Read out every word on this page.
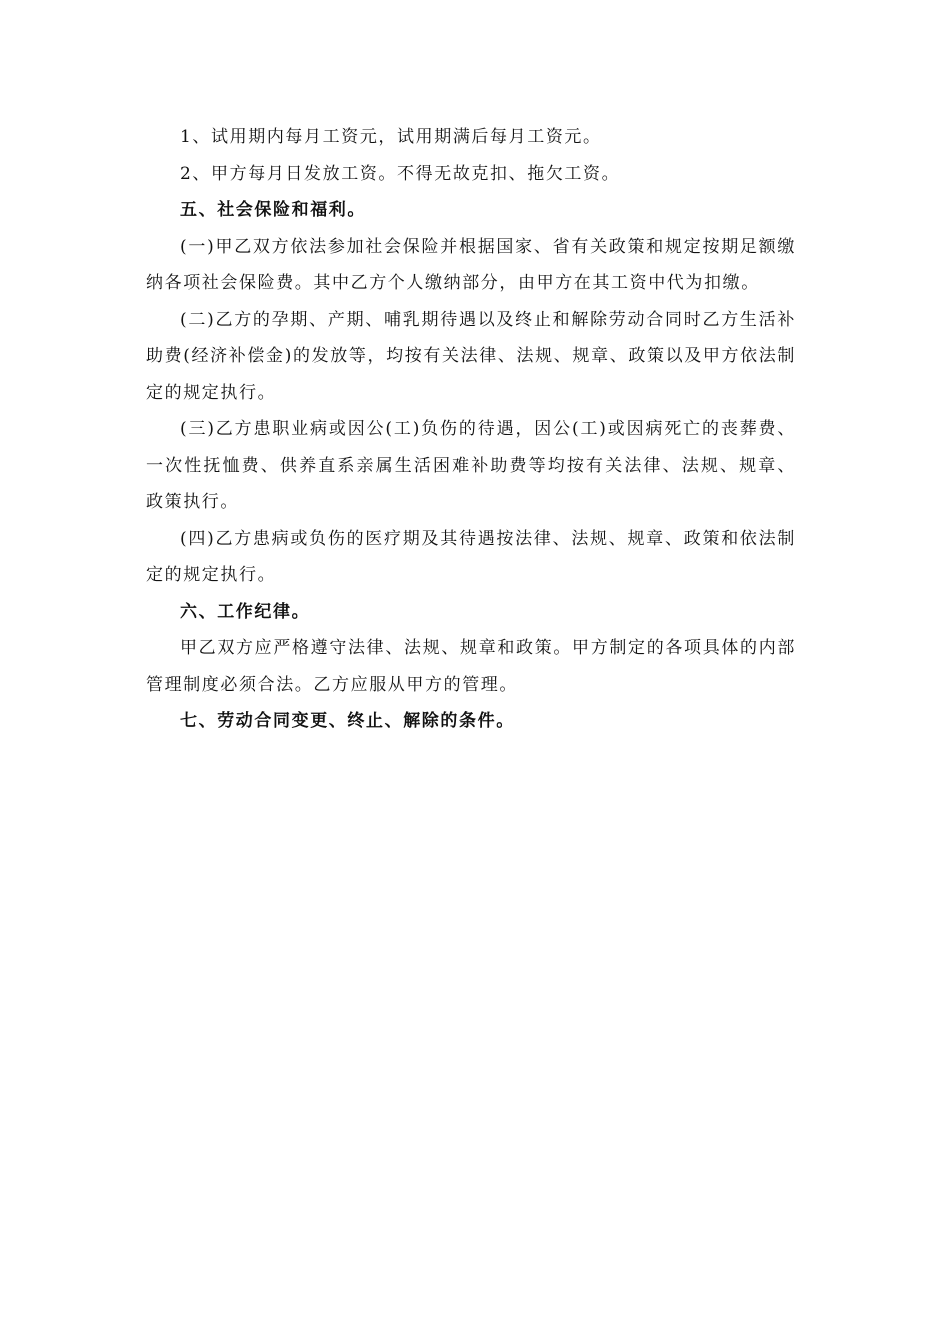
1、试用期内每月工资元，试用期满后每月工资元。

2、甲方每月日发放工资。不得无故克扣、拖欠工资。

五、社会保险和福利。

(一)甲乙双方依法参加社会保险并根据国家、省有关政策和规定按期足额缴纳各项社会保险费。其中乙方个人缴纳部分，由甲方在其工资中代为扣缴。

(二)乙方的孕期、产期、哺乳期待遇以及终止和解除劳动合同时乙方生活补助费(经济补偿金)的发放等，均按有关法律、法规、规章、政策以及甲方依法制定的规定执行。

(三)乙方患职业病或因公(工)负伤的待遇，因公(工)或因病死亡的丧葬费、一次性抚恤费、供养直系亲属生活困难补助费等均按有关法律、法规、规章、政策执行。

(四)乙方患病或负伤的医疗期及其待遇按法律、法规、规章、政策和依法制定的规定执行。

六、工作纪律。

甲乙双方应严格遵守法律、法规、规章和政策。甲方制定的各项具体的内部管理制度必须合法。乙方应服从甲方的管理。

七、劳动合同变更、终止、解除的条件。
